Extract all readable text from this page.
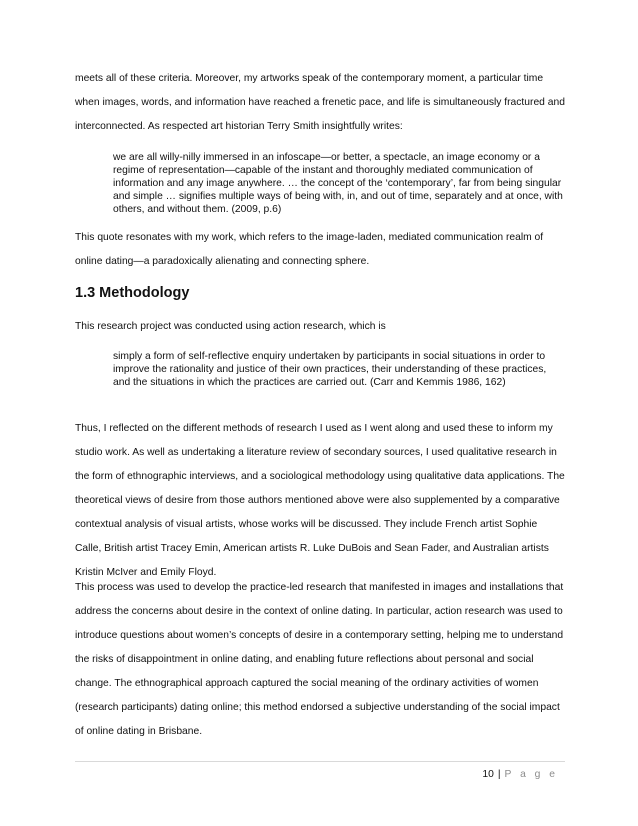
meets all of these criteria. Moreover, my artworks speak of the contemporary moment, a particular time when images, words, and information have reached a frenetic pace, and life is simultaneously fractured and interconnected. As respected art historian Terry Smith insightfully writes:

we are all willy-nilly immersed in an infoscape—or better, a spectacle, an image economy or a regime of representation—capable of the instant and thoroughly mediated communication of information and any image anywhere. … the concept of the ‘contemporary’, far from being singular and simple … signifies multiple ways of being with, in, and out of time, separately and at once, with others, and without them. (2009, p.6)

This quote resonates with my work, which refers to the image-laden, mediated communication realm of online dating—a paradoxically alienating and connecting sphere.

1.3 Methodology

This research project was conducted using action research, which is

simply a form of self-reflective enquiry undertaken by participants in social situations in order to improve the rationality and justice of their own practices, their understanding of these practices, and the situations in which the practices are carried out. (Carr and Kemmis 1986, 162)

Thus, I reflected on the different methods of research I used as I went along and used these to inform my studio work. As well as undertaking a literature review of secondary sources, I used qualitative research in the form of ethnographic interviews, and a sociological methodology using qualitative data applications. The theoretical views of desire from those authors mentioned above were also supplemented by a comparative contextual analysis of visual artists, whose works will be discussed. They include French artist Sophie Calle, British artist Tracey Emin, American artists R. Luke DuBois and Sean Fader, and Australian artists Kristin McIver and Emily Floyd.

This process was used to develop the practice-led research that manifested in images and installations that address the concerns about desire in the context of online dating. In particular, action research was used to introduce questions about women’s concepts of desire in a contemporary setting, helping me to understand the risks of disappointment in online dating, and enabling future reflections about personal and social change. The ethnographical approach captured the social meaning of the ordinary activities of women (research participants) dating online; this method endorsed a subjective understanding of the social impact of online dating in Brisbane.

10 | P a g e
